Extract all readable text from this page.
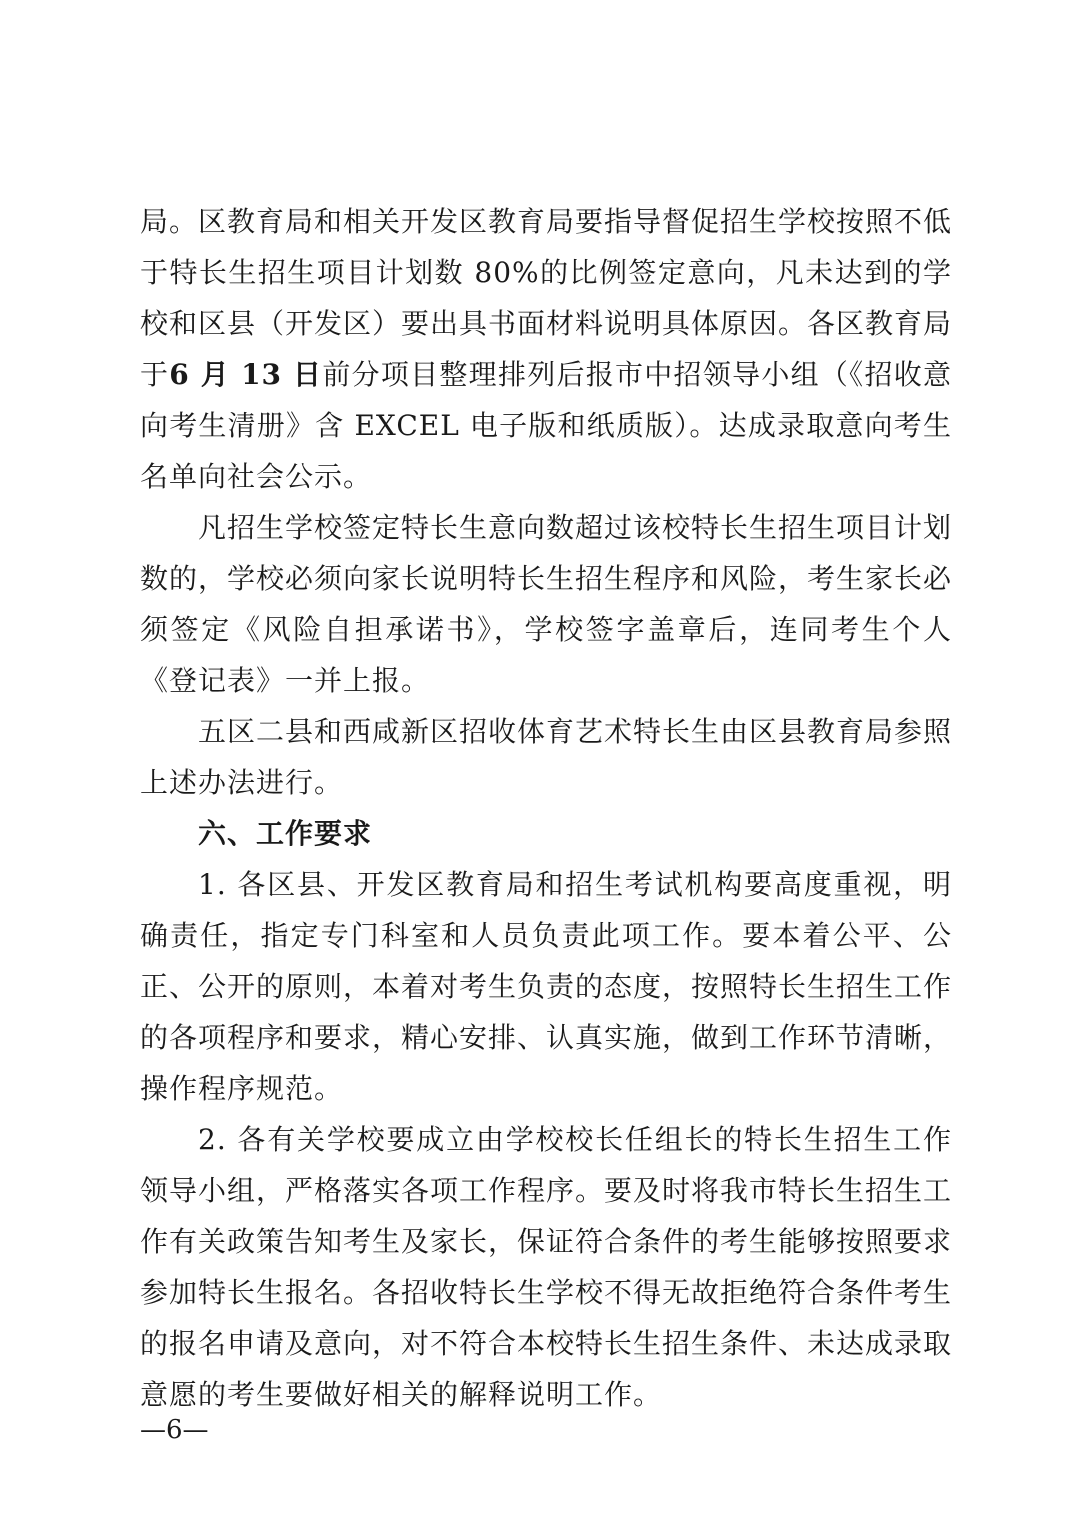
局。区教育局和相关开发区教育局要指导督促招生学校按照不低于特长生招生项目计划数 80%的比例签定意向，凡未达到的学校和区县（开发区）要出具书面材料说明具体原因。各区教育局于6 月 13 日前分项目整理排列后报市中招领导小组（《招收意向考生清册》含 EXCEL 电子版和纸质版）。达成录取意向考生名单向社会公示。

凡招生学校签定特长生意向数超过该校特长生招生项目计划数的，学校必须向家长说明特长生招生程序和风险，考生家长必须签定《风险自担承诺书》，学校签字盖章后，连同考生个人《登记表》一并上报。

五区二县和西咸新区招收体育艺术特长生由区县教育局参照上述办法进行。

六、工作要求

1. 各区县、开发区教育局和招生考试机构要高度重视，明确责任，指定专门科室和人员负责此项工作。要本着公平、公正、公开的原则，本着对考生负责的态度，按照特长生招生工作的各项程序和要求，精心安排、认真实施，做到工作环节清晰，操作程序规范。

2. 各有关学校要成立由学校校长任组长的特长生招生工作领导小组，严格落实各项工作程序。要及时将我市特长生招生工作有关政策告知考生及家长，保证符合条件的考生能够按照要求参加特长生报名。各招收特长生学校不得无故拒绝符合条件考生的报名申请及意向，对不符合本校特长生招生条件、未达成录取意愿的考生要做好相关的解释说明工作。

—6—
